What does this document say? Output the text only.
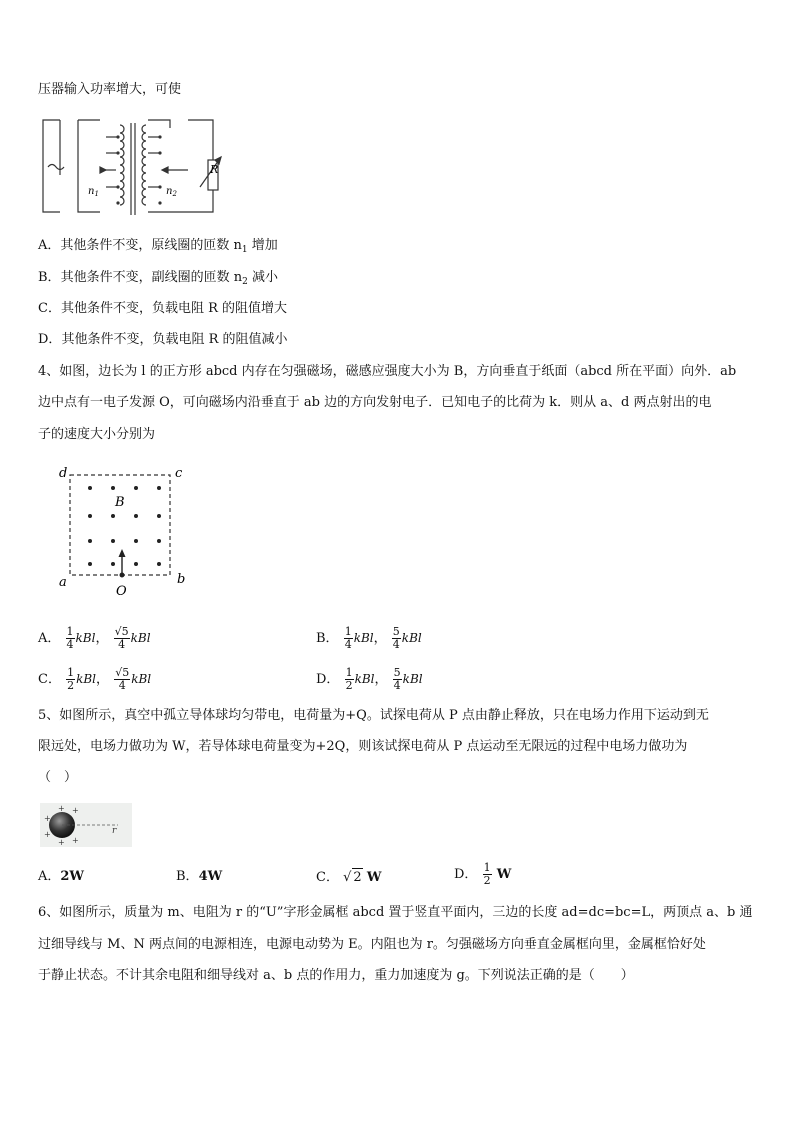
压器输入功率增大，可使
$n_1$	$n_2$
R
A．其他条件不变，原线圈的匝数 $n_1$ 增加
B．其他条件不变，副线圈的匝数 $n_2$ 减小
C．其他条件不变，负载电阻 R 的阻值增大
D．其他条件不变，负载电阻 R 的阻值减小
4、如图，边长为 l 的正方形 abcd 内存在匀强磁场，磁感应强度大小为 B，方向垂直于纸面（abcd 所在平面）向外．ab
边中点有一电子发源 O，可向磁场内沿垂直于 ab 边的方向发射电子．已知电子的比荷为 k．则从 a、d 两点射出的电
子的速度大小分别为
d	c
B
a	b
O
A． $\frac{1}{4}$ kBl， $\frac{√5}{4}$ kBl	B． $\frac{1}{4}$ kBl， $\frac{5}{4}$ kBl
C． $\frac{1}{2}$ kBl， $\frac{√5}{4}$ kBl	D． $\frac{1}{2}$ kBl， $\frac{5}{4}$ kBl
5、如图所示，真空中孤立导体球均匀带电，电荷量为+Q。试探电荷从 P 点由静止释放，只在电场力作用下运动到无
限远处，电场力做功为 W，若导体球电荷量变为+2Q，则该试探电荷从 P 点运动至无限远的过程中电场力做功为
（　）
+
+
+
+
+
+
r
A．2W	B．4W	C． √ 2 W	D． $\frac{1}{2}$ W
6、如图所示，质量为 m、电阻为 r 的“U”字形金属框 abcd 置于竖直平面内，三边的长度 ad=dc=bc=L，两顶点 a、b 通
过细导线与 M、N 两点间的电源相连，电源电动势为 E。内阻也为 r。匀强磁场方向垂直金属框向里，金属框恰好处
于静止状态。不计其余电阻和细导线对 a、b 点的作用力，重力加速度为 g。下列说法正确的是（　　）
